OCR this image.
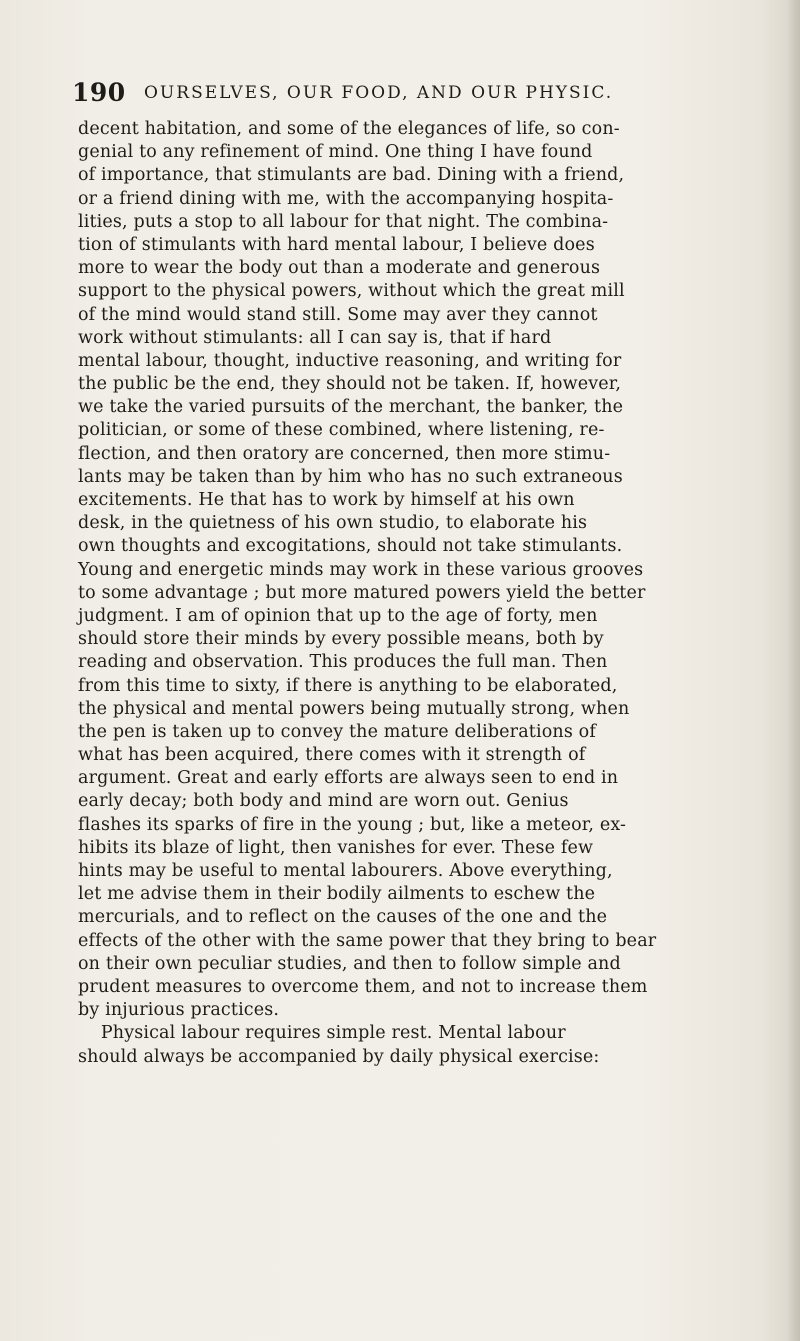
190 OURSELVES, OUR FOOD, AND OUR PHYSIC.
decent habitation, and some of the elegances of life, so con-
genial to any refinement of mind. One thing I have found
of importance, that stimulants are bad. Dining with a friend,
or a friend dining with me, with the accompanying hospita-
lities, puts a stop to all labour for that night. The combina-
tion of stimulants with hard mental labour, I believe does
more to wear the body out than a moderate and generous
support to the physical powers, without which the great mill
of the mind would stand still. Some may aver they cannot
work without stimulants: all I can say is, that if hard
mental labour, thought, inductive reasoning, and writing for
the public be the end, they should not be taken. If, however,
we take the varied pursuits of the merchant, the banker, the
politician, or some of these combined, where listening, re-
flection, and then oratory are concerned, then more stimu-
lants may be taken than by him who has no such extraneous
excitements. He that has to work by himself at his own
desk, in the quietness of his own studio, to elaborate his
own thoughts and excogitations, should not take stimulants.
Young and energetic minds may work in these various grooves
to some advantage ; but more matured powers yield the better
judgment. I am of opinion that up to the age of forty, men
should store their minds by every possible means, both by
reading and observation. This produces the full man. Then
from this time to sixty, if there is anything to be elaborated,
the physical and mental powers being mutually strong, when
the pen is taken up to convey the mature deliberations of
what has been acquired, there comes with it strength of
argument. Great and early efforts are always seen to end in
early decay; both body and mind are worn out. Genius
flashes its sparks of fire in the young ; but, like a meteor, ex-
hibits its blaze of light, then vanishes for ever. These few
hints may be useful to mental labourers. Above everything,
let me advise them in their bodily ailments to eschew the
mercurials, and to reflect on the causes of the one and the
effects of the other with the same power that they bring to bear
on their own peculiar studies, and then to follow simple and
prudent measures to overcome them, and not to increase them
by injurious practices.
Physical labour requires simple rest. Mental labour
should always be accompanied by daily physical exercise:
